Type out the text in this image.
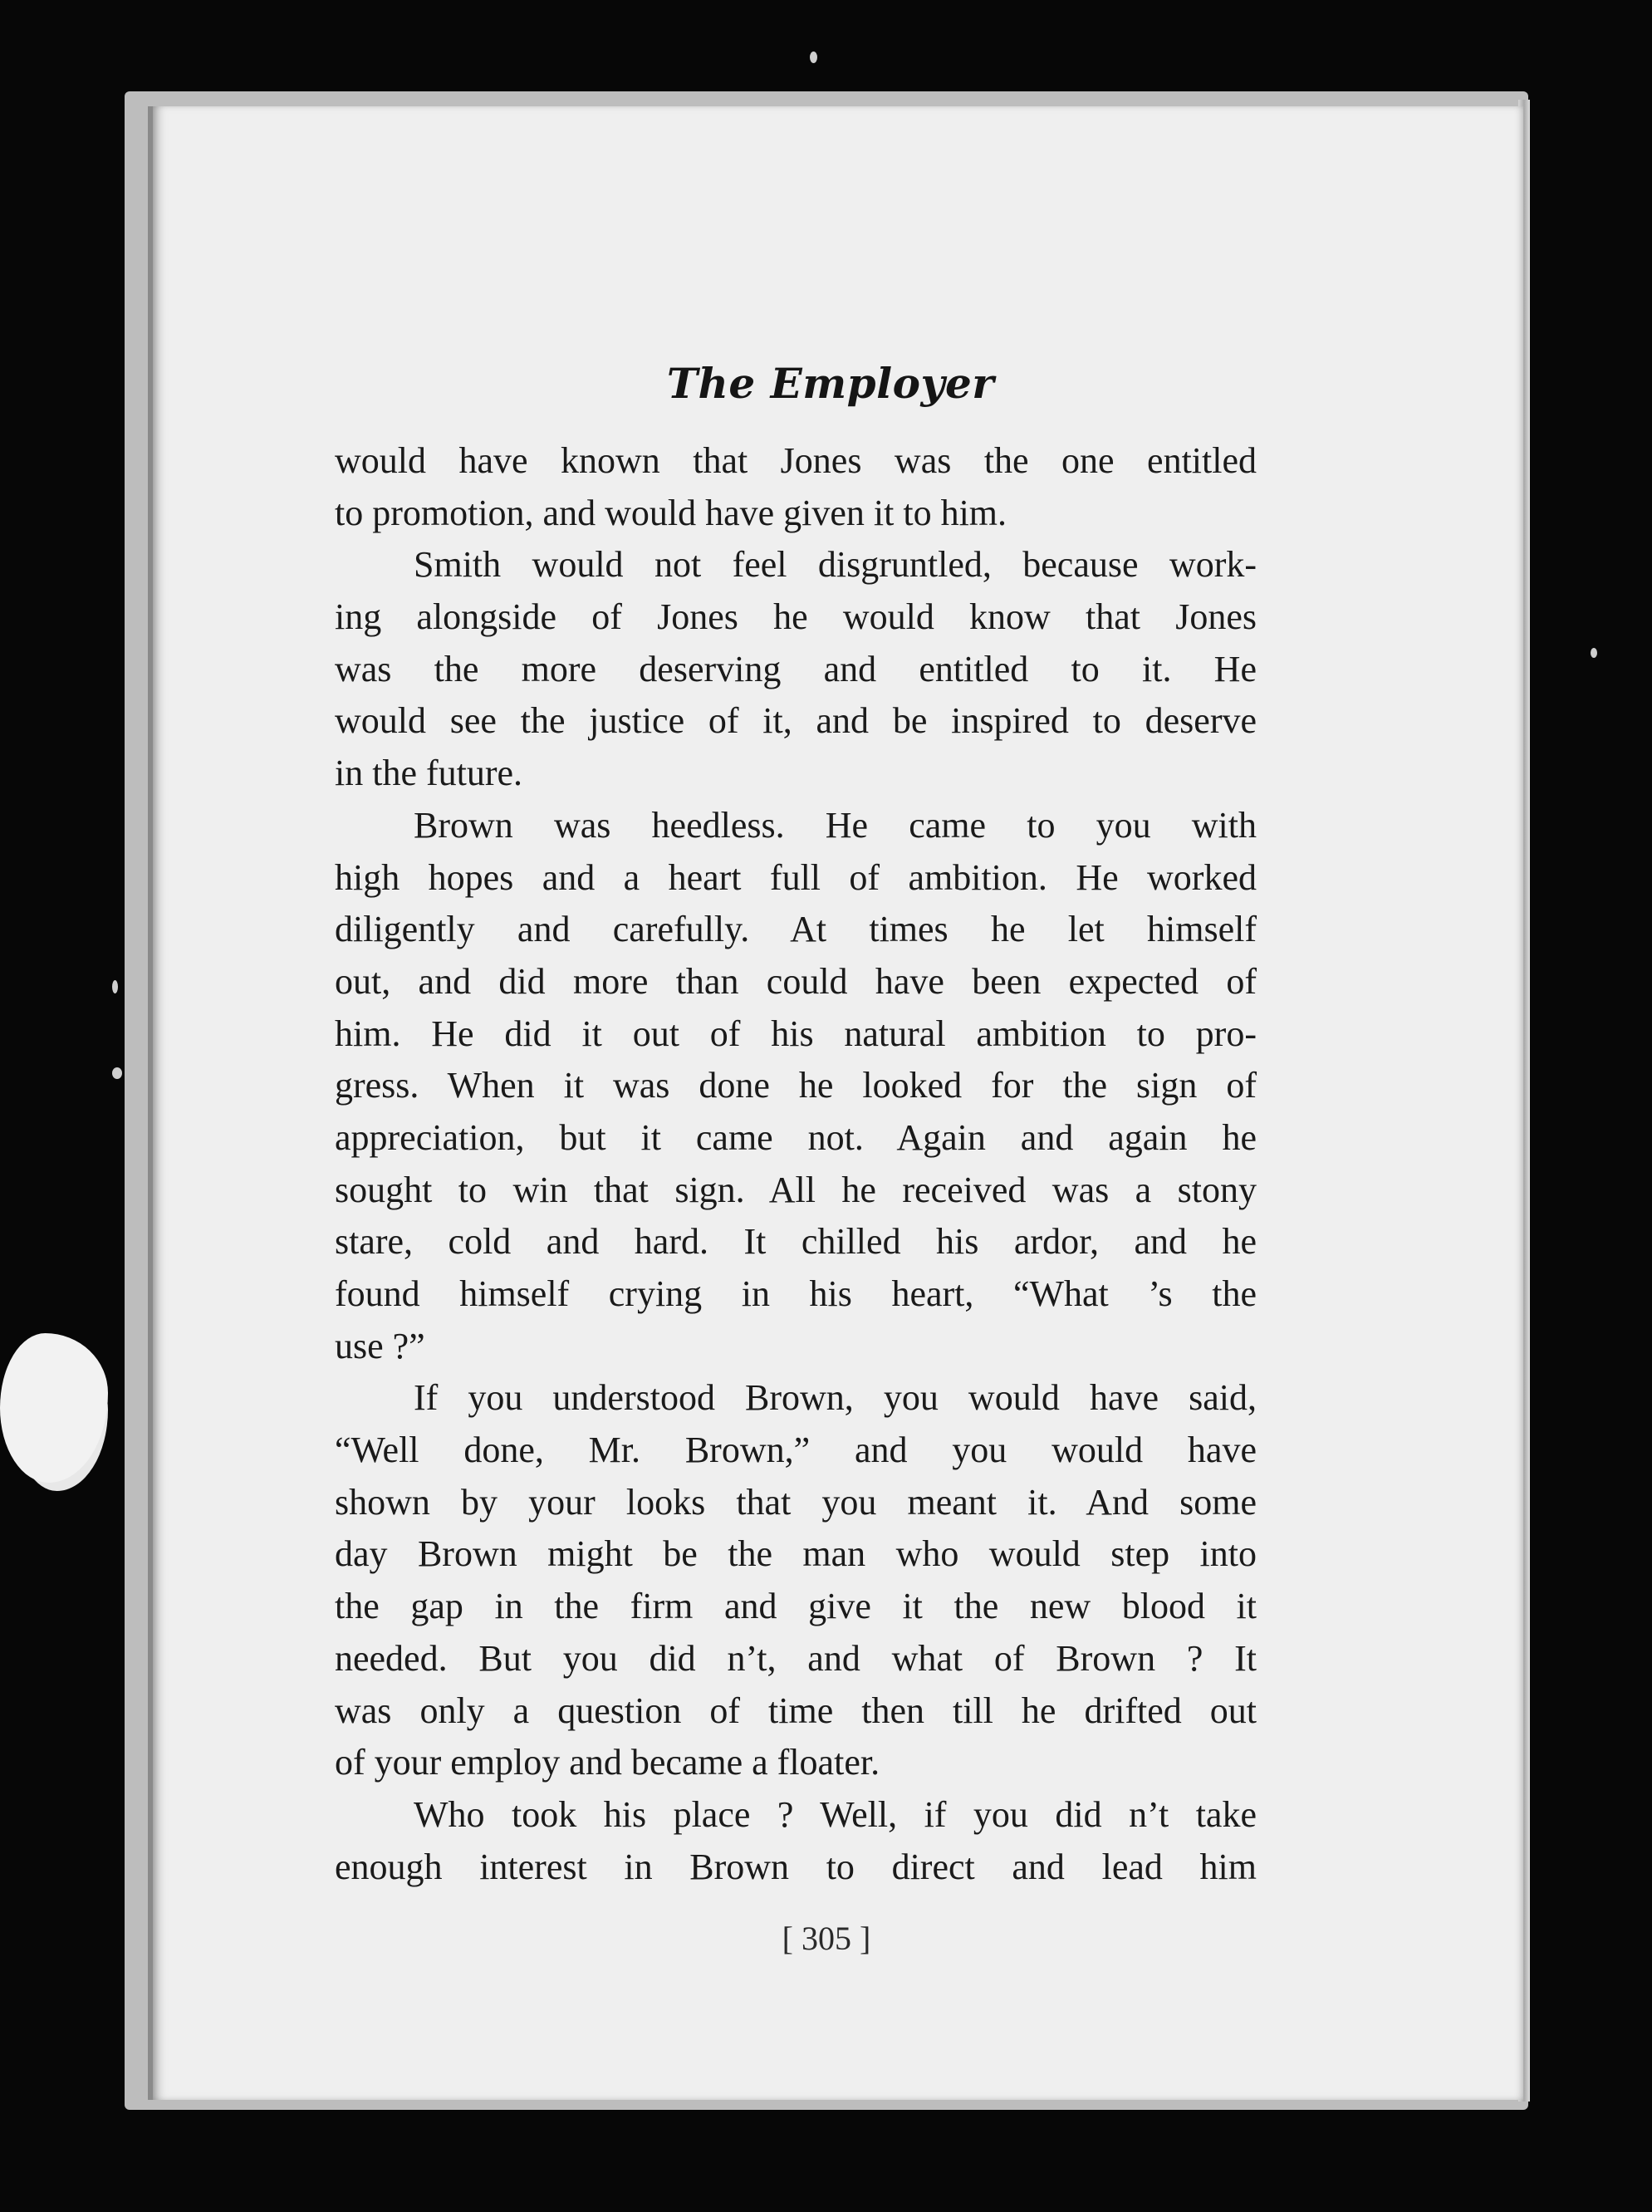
The Employer
would have known that Jones was the one entitled
to promotion, and would have given it to him.
Smith would not feel disgruntled, because work-
ing alongside of Jones he would know that Jones
was the more deserving and entitled to it. He
would see the justice of it, and be inspired to deserve
in the future.
Brown was heedless. He came to you with
high hopes and a heart full of ambition. He worked
diligently and carefully. At times he let himself
out, and did more than could have been expected of
him. He did it out of his natural ambition to pro-
gress. When it was done he looked for the sign of
appreciation, but it came not. Again and again he
sought to win that sign. All he received was a stony
stare, cold and hard. It chilled his ardor, and he
found himself crying in his heart, “What ’s the
use ?”
If you understood Brown, you would have said,
“Well done, Mr. Brown,” and you would have
shown by your looks that you meant it. And some
day Brown might be the man who would step into
the gap in the firm and give it the new blood it
needed. But you did n’t, and what of Brown ? It
was only a question of time then till he drifted out
of your employ and became a floater.
Who took his place ? Well, if you did n’t take
enough interest in Brown to direct and lead him
[ 305 ]
